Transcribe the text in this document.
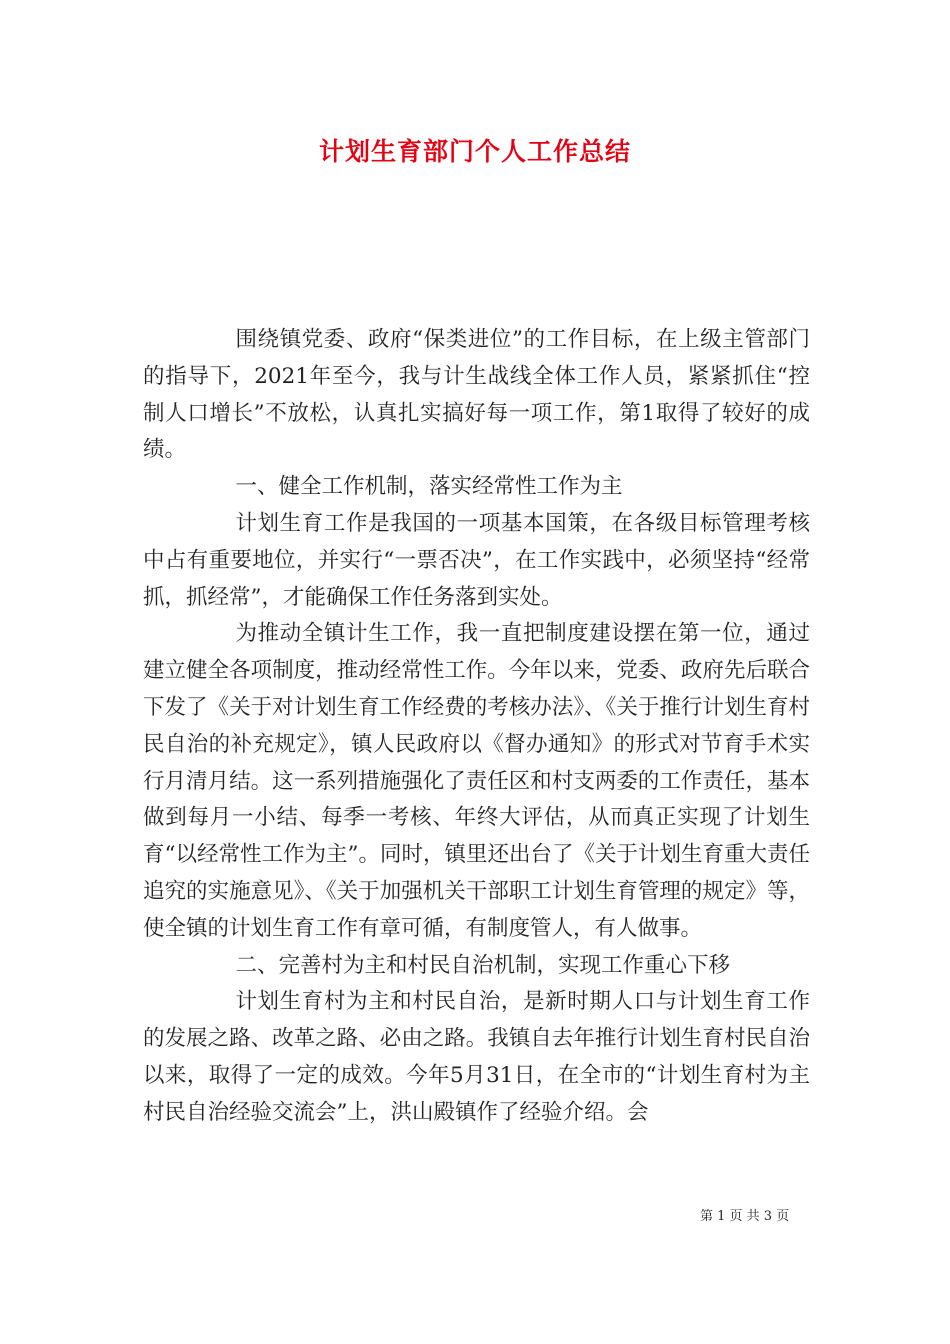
计划生育部门个人工作总结

围绕镇党委、政府“保类进位”的工作目标，在上级主管部门的指导下，2021年至今，我与计生战线全体工作人员，紧紧抓住“控制人口增长”不放松，认真扎实搞好每一项工作，第1取得了较好的成绩。

一、健全工作机制，落实经常性工作为主

计划生育工作是我国的一项基本国策，在各级目标管理考核中占有重要地位，并实行“一票否决”，在工作实践中，必须坚持“经常抓，抓经常”，才能确保工作任务落到实处。

为推动全镇计生工作，我一直把制度建设摆在第一位，通过建立健全各项制度，推动经常性工作。今年以来，党委、政府先后联合下发了《关于对计划生育工作经费的考核办法》、《关于推行计划生育村民自治的补充规定》，镇人民政府以《督办通知》的形式对节育手术实行月清月结。这一系列措施强化了责任区和村支两委的工作责任，基本做到每月一小结、每季一考核、年终大评估，从而真正实现了计划生育“以经常性工作为主”。同时，镇里还出台了《关于计划生育重大责任追究的实施意见》、《关于加强机关干部职工计划生育管理的规定》等，使全镇的计划生育工作有章可循，有制度管人，有人做事。

二、完善村为主和村民自治机制，实现工作重心下移

计划生育村为主和村民自治，是新时期人口与计划生育工作的发展之路、改革之路、必由之路。我镇自去年推行计划生育村民自治以来，取得了一定的成效。今年5月31日，在全市的“计划生育村为主村民自治经验交流会”上，洪山殿镇作了经验介绍。会

第 1 页 共 3 页
